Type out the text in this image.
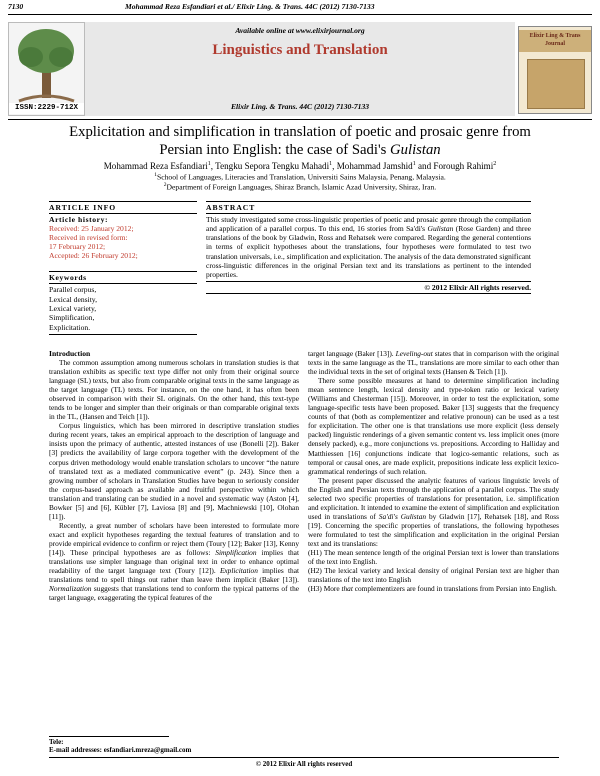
7130	Mohammad Reza Esfandiari et al./ Elixir Ling. & Trans. 44C (2012) 7130-7133
ISSN:2229-712X
Available online at www.elixirjournal.org
Linguistics and Translation
Elixir Ling. & Trans. 44C (2012) 7130-7133
Elixir Ling & Trans
Journal
Explicitation and simplification in translation of poetic and prosaic genre from
Persian into English: the case of Sadi's Gulistan
Mohammad Reza Esfandiari$^1$, Tengku Sepora Tengku Mahadi$^1$, Mohammad Jamshid$^1$ and Forough Rahimi$^2$
$^1$School of Languages, Literacies and Translation, Universiti Sains Malaysia, Penang, Malaysia.
$^2$Department of Foreign Languages, Shiraz Branch, Islamic Azad University, Shiraz, Iran.
ARTICLE INFO
Article history:
Received: 25 January 2012;
Received in revised form:
17 February 2012;
Accepted: 26 February 2012;
Keywords
Parallel corpus,
Lexical density,
Lexical variety,
Simplification,
Explicitation.
ABSTRACT

This study investigated some cross-linguistic properties of poetic and prosaic genre through the compilation and application of a parallel corpus. To this end, 16 stories from Sa'di's Gulistan (Rose Garden) and three translations of the book by Gladwin, Ross and Rehatsek were compared. Regarding the general contentions in terms of explicit hypotheses about the translations, four hypotheses were formulated to test two translation universals, i.e., simplification and explicitation. The analysis of the data demonstrated significant cross-linguistic differences in the original Persian text and its translations as pertinent to the intended properties.

© 2012 Elixir All rights reserved.
Introduction

The common assumption among numerous scholars in translation studies is that translation exhibits as specific text type differ not only from their original source language (SL) texts, but also from comparable original texts in the same language as the target language (TL) texts. For instance, on the one hand, it has often been observed in comparison with their SL originals. On the other hand, this text-type tends to be longer and simpler than their originals or than comparable original texts in the TL, (Hansen and Teich [1]).

Corpus linguistics, which has been mirrored in descriptive translation studies during recent years, takes an empirical approach to the description of language and insists upon the primacy of authentic, attested instances of use (Bonelli [2]). Baker [3] predicts the availability of large corpora together with the development of the corpus driven methodology would enable translation scholars to uncover “the nature of translated text as a mediated communicative event” (p. 243). Since then a growing number of scholars in Translation Studies have begun to seriously consider the corpus-based approach as available and fruitful perspective within which translation and translating can be studied in a novel and systematic way (Aston [4], Bowker [5] and [6], Kübler [7], Laviosa [8] and [9], Machniewski [10], Olohan [11]).

Recently, a great number of scholars have been interested to formulate more exact and explicit hypotheses regarding the textual features of translation and to provide empirical evidence to confirm or reject them (Toury [12]; Baker [13], Kenny [14]). These principal hypotheses are as follows: Simplification implies that translations use simpler language than original text in order to enhance optimal readability of the target language text (Toury [12]). Explicitation implies that translations tend to spell things out rather than leave them implicit (Baker [13]). Normalization suggests that translations tend to conform the typical patterns of the target language, exaggerating the typical features of the

target language (Baker [13]). Leveling-out states that in comparison with the original texts in the same language as the TL, translations are more similar to each other than the individual texts in the set of original texts (Hansen & Teich [1]).

There some possible measures at hand to determine simplification including mean sentence length, lexical density and type-token ratio or lexical variety (Williams and Chesterman [15]). Moreover, in order to test the explicitation, some language-specific tests have been proposed. Baker [13] suggests that the frequency counts of that (both as complementizer and relative pronoun) can be used as a test for explicitation. The other one is that translations use more explicit (less densely packed) linguistic renderings of a given semantic content vs. less implicit ones (more densely packed), e.g., more conjunctions vs. prepositions. According to Halliday and Matthiessen [16] conjunctions indicate that logico-semantic relations, such as temporal or causal ones, are made explicit, prepositions indicate less explicit lexico-grammatical renderings of such relation.

The present paper discussed the analytic features of various linguistic levels of the English and Persian texts through the application of a parallel corpus. The study selected two specific properties of translations for presentation, i.e. simplification and explicitation. It intended to examine the extent of simplification and explicitation used in translations of Sa'di's Gulistan by Gladwin [17], Rehatsek [18], and Ross [19]. Concerning the specific properties of translations, the following hypotheses were formulated to test the simplification and explicitation in the original Persian text and its translations:

(H1) The mean sentence length of the original Persian text is lower than translations of the text into English.

(H2) The lexical variety and lexical density of original Persian text are higher than translations of the text into English

(H3) More that complementizers are found in translations from Persian into English.

Tele:
E-mail addresses: esfandiari.mreza@gmail.com
© 2012 Elixir All rights reserved
